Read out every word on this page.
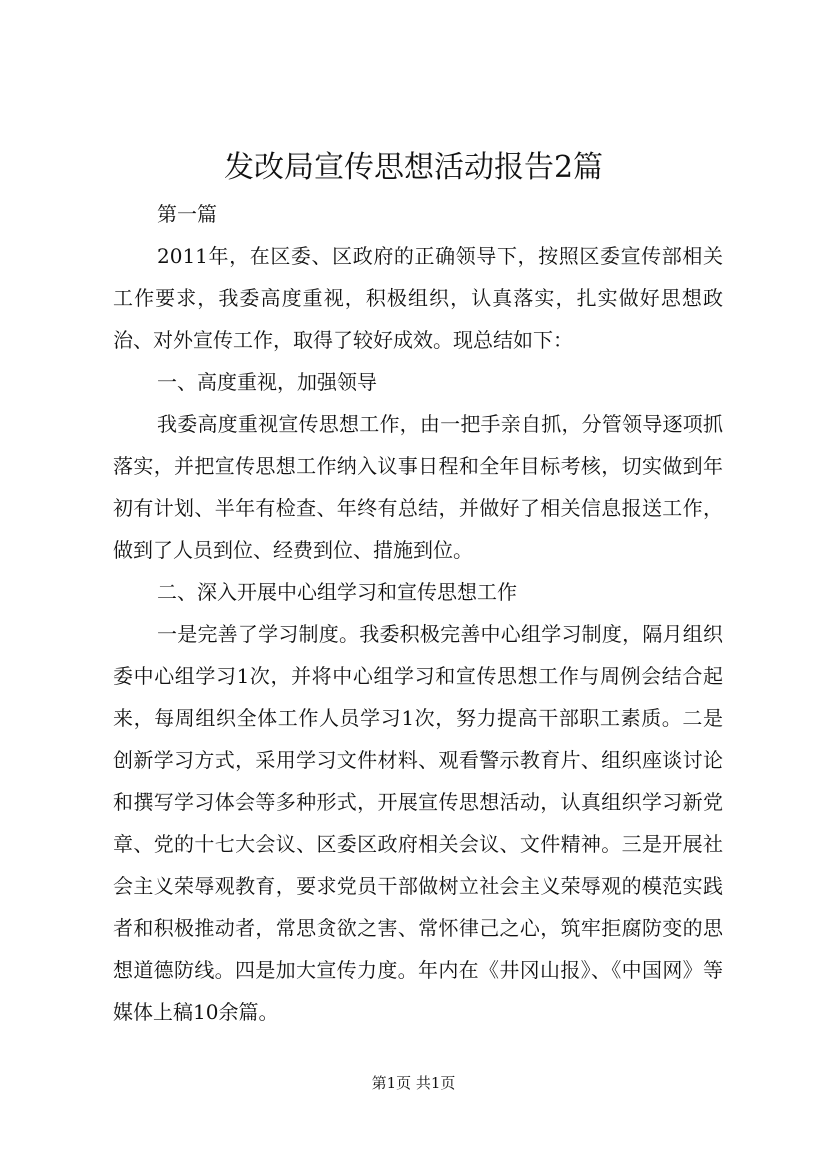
发改局宣传思想活动报告2篇

第一篇

2011年，在区委、区政府的正确领导下，按照区委宣传部相关工作要求，我委高度重视，积极组织，认真落实，扎实做好思想政治、对外宣传工作，取得了较好成效。现总结如下：

一、高度重视，加强领导

我委高度重视宣传思想工作，由一把手亲自抓，分管领导逐项抓落实，并把宣传思想工作纳入议事日程和全年目标考核，切实做到年初有计划、半年有检查、年终有总结，并做好了相关信息报送工作，做到了人员到位、经费到位、措施到位。

二、深入开展中心组学习和宣传思想工作

一是完善了学习制度。我委积极完善中心组学习制度，隔月组织委中心组学习1次，并将中心组学习和宣传思想工作与周例会结合起来，每周组织全体工作人员学习1次，努力提高干部职工素质。二是创新学习方式，采用学习文件材料、观看警示教育片、组织座谈讨论和撰写学习体会等多种形式，开展宣传思想活动，认真组织学习新党章、党的十七大会议、区委区政府相关会议、文件精神。三是开展社会主义荣辱观教育，要求党员干部做树立社会主义荣辱观的模范实践者和积极推动者，常思贪欲之害、常怀律己之心，筑牢拒腐防变的思想道德防线。四是加大宣传力度。年内在《井冈山报》、《中国网》等媒体上稿10余篇。

第1页 共1页
